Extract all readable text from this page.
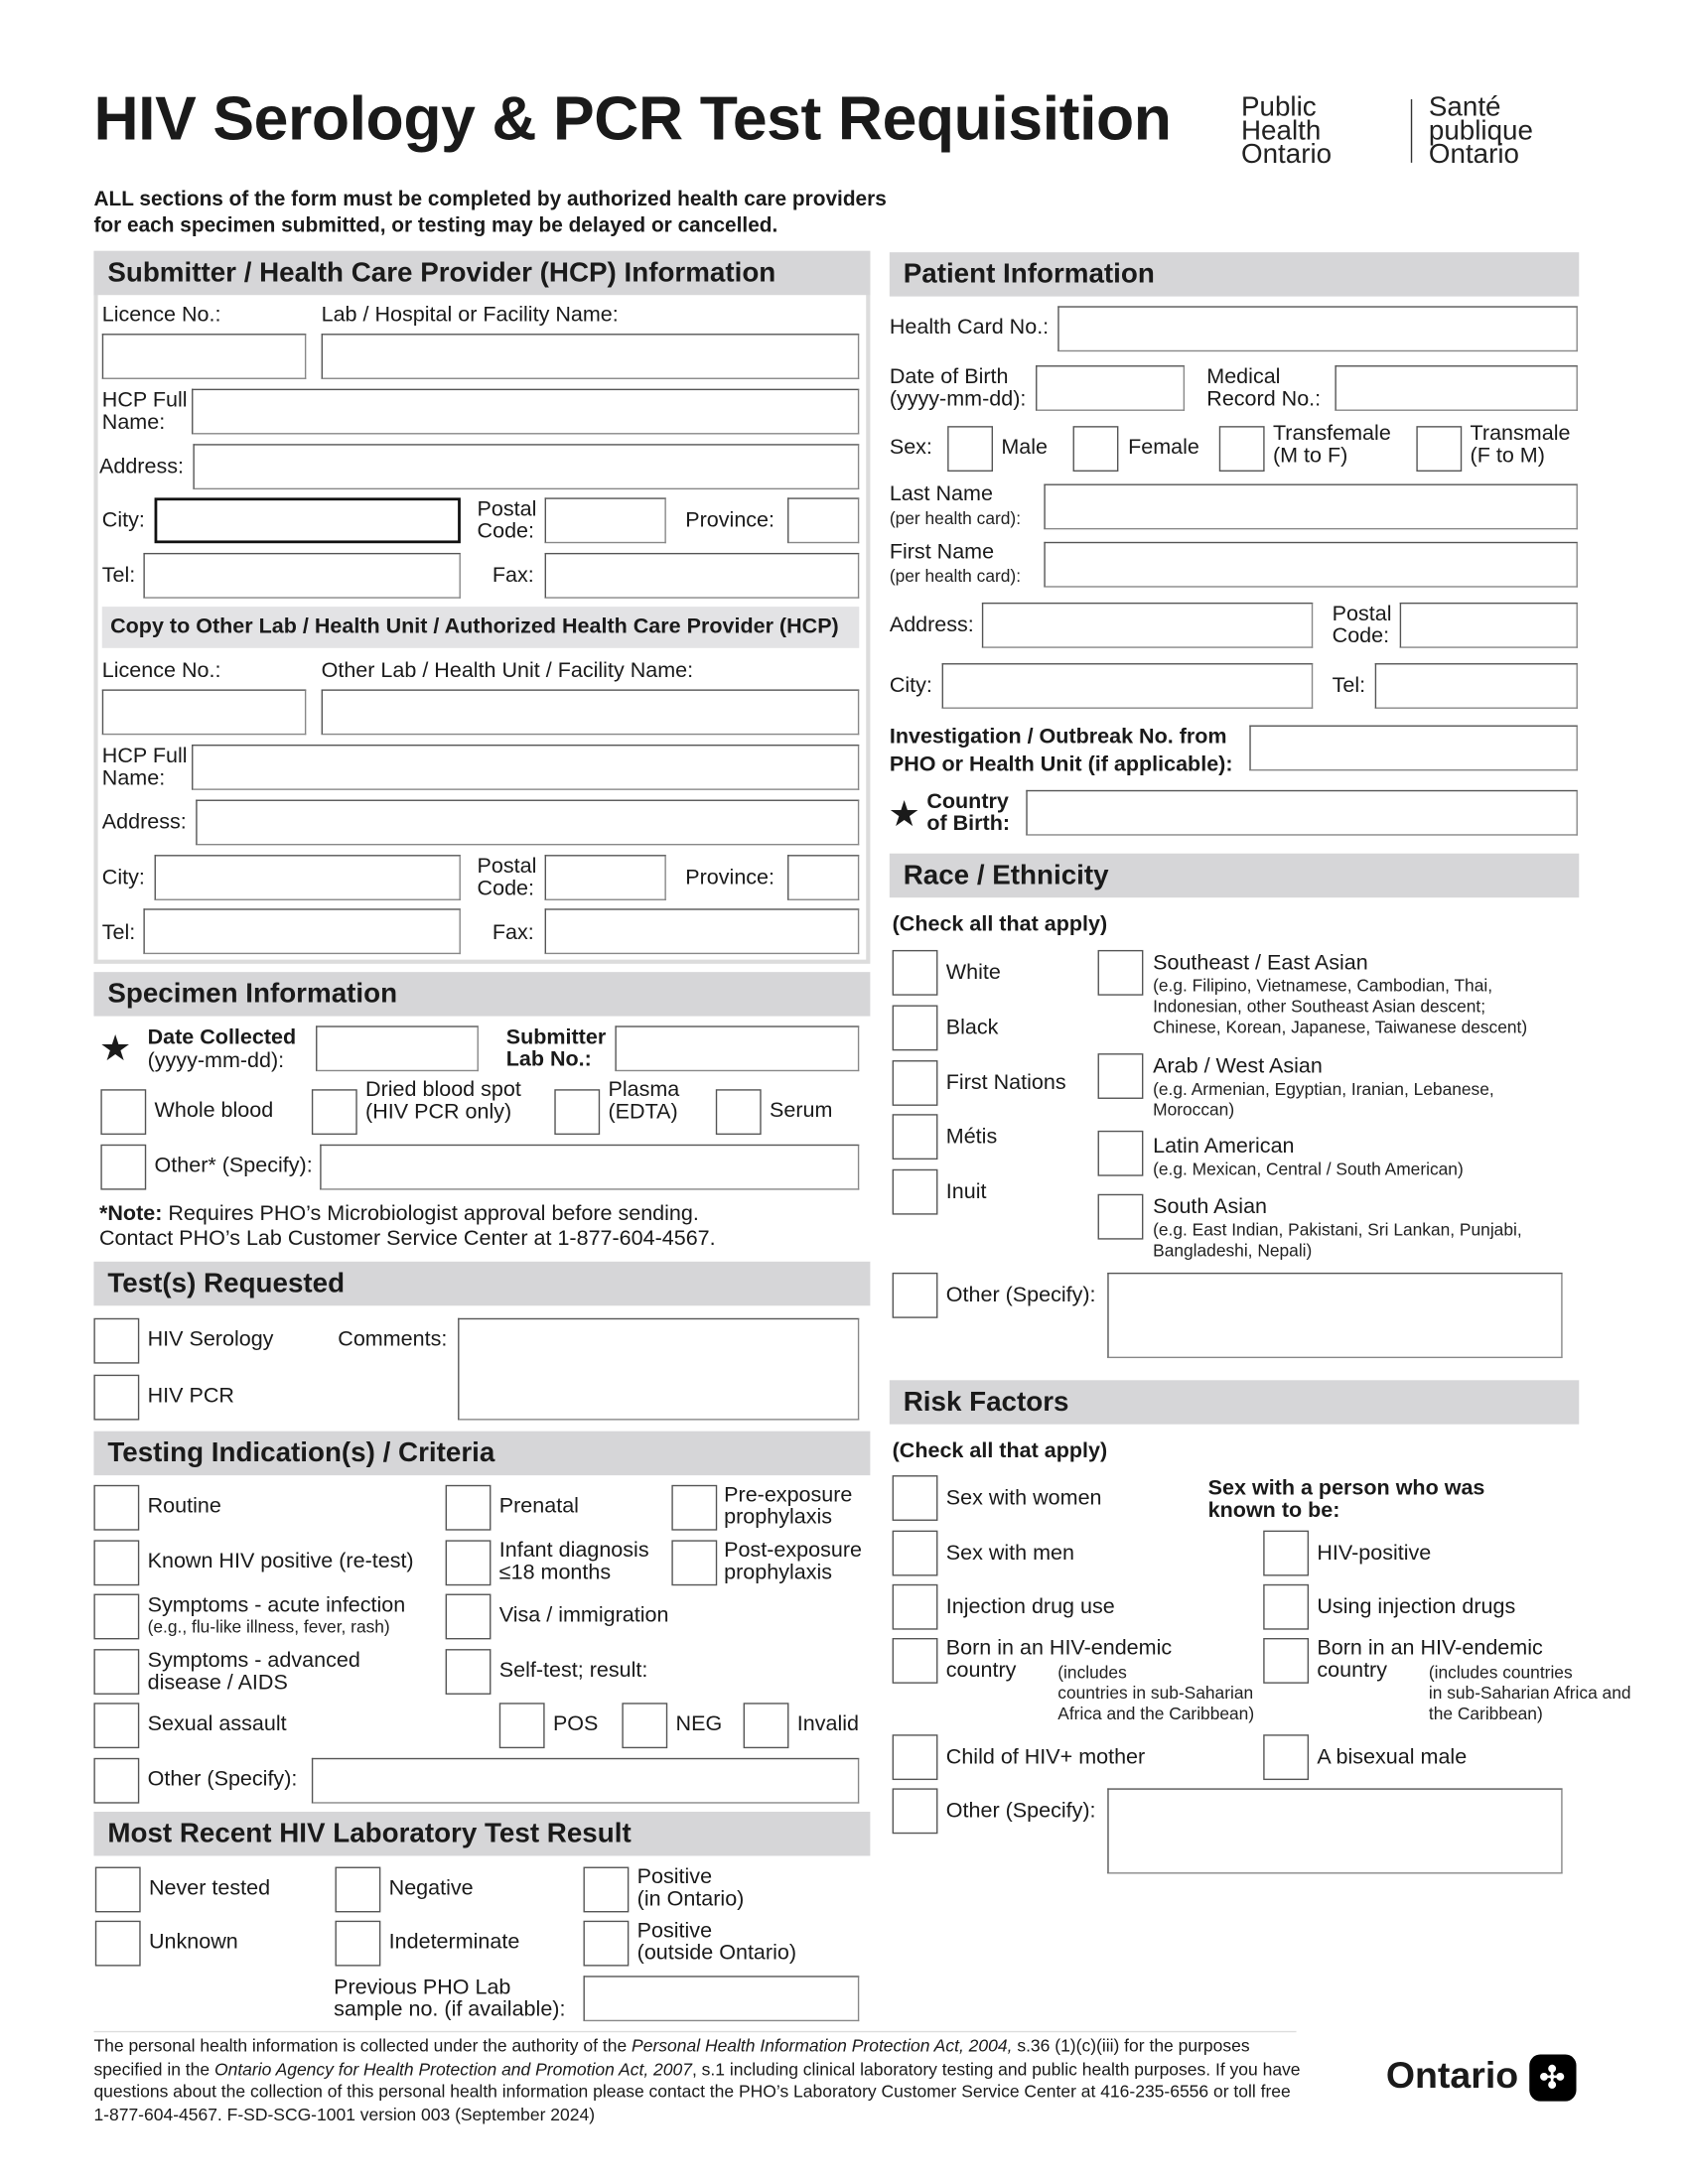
HIV Serology & PCR Test Requisition	Public
Health
Ontario
Santé
publique
Ontario
ALL sections of the form must be completed by authorized health care providers
for each specimen submitted, or testing may be delayed or cancelled.
Submitter / Health Care Provider (HCP) Information
Licence No.:	Lab / Hospital or Facility Name:
HCP Full
Name:
Address:
City:	Postal
Code:	Province:
Tel:	Fax:
Copy to Other Lab / Health Unit / Authorized Health Care Provider (HCP)
Licence No.:	Other Lab / Health Unit / Facility Name:
HCP Full
Name:
Address:
City:	Postal
Code:	Province:
Tel:	Fax:
Specimen Information
★ Date Collected
(yyyy-mm-dd):
Submitter
Lab No.:
Whole blood
Dried blood spot
(HIV PCR only)
Plasma
(EDTA)	Serum
Other* (Specify):
*Note: Requires PHO’s Microbiologist approval before sending.
Contact PHO’s Lab Customer Service Center at 1-877-604-4567.
Test(s) Requested
HIV Serology
HIV PCR
Comments:
Testing Indication(s) / Criteria
Routine
Known HIV positive (re-test)
Symptoms - acute infection
(e.g., flu-like illness, fever, rash)
Symptoms - advanced
disease / AIDS
Sexual assault
Other (Specify):
Prenatal
Infant diagnosis
≤18 months
Visa / immigration
Self-test; result:
Pre-exposure
prophylaxis
Post-exposure
prophylaxis
POS	NEG	Invalid
Most Recent HIV Laboratory Test Result
Never tested
Unknown
Negative
Indeterminate
Positive
(in Ontario)
Positive
(outside Ontario)
Previous PHO Lab
sample no. (if available):
Patient Information
Health Card No.:
Date of Birth
(yyyy-mm-dd):
Medical
Record No.:
Sex:	Male	Female
Transfemale
(M to F)
Transmale
(F to M)
Last Name
(per health card):
First Name
(per health card):
Address:	Postal
Code:
City:	Tel:
Investigation / Outbreak No. from
PHO or Health Unit (if applicable):
★ Country
of Birth:
Race / Ethnicity
(Check all that apply)
White
Black
First Nations
Métis
Inuit
Southeast / East Asian
(e.g. Filipino, Vietnamese, Cambodian, Thai,
Indonesian, other Southeast Asian descent;
Chinese, Korean, Japanese, Taiwanese descent)
Arab / West Asian
(e.g. Armenian, Egyptian, Iranian, Lebanese,
Moroccan)
Latin American
(e.g. Mexican, Central / South American)
South Asian
(e.g. East Indian, Pakistani, Sri Lankan, Punjabi,
Bangladeshi, Nepali)
Other (Specify):
Risk Factors
(Check all that apply)
Sex with women
Sex with men
Injection drug use
Born in an HIV-endemic
country
Child of HIV+ mother
Other (Specify):
(includes
countries in sub-Saharian
Africa and the Caribbean)
Sex with a person who was
known to be:
HIV-positive
Using injection drugs
Born in an HIV-endemic
country
A bisexual male
(includes countries
in sub-Saharian Africa and
the Caribbean)
The personal health information is collected under the authority of the Personal Health Information Protection Act, 2004, s.36 (1)(c)(iii) for the purposes specified in the Ontario Agency for Health Protection and Promotion Act, 2007, s.1 including clinical laboratory testing and public health purposes. If you have questions about the collection of this personal health information please contact the PHO’s Laboratory Customer Service Center at 416-235-6556 or toll free 1-877-604-4567. F-SD-SCG-1001 version 003 (September 2024)
Ontario ✣
